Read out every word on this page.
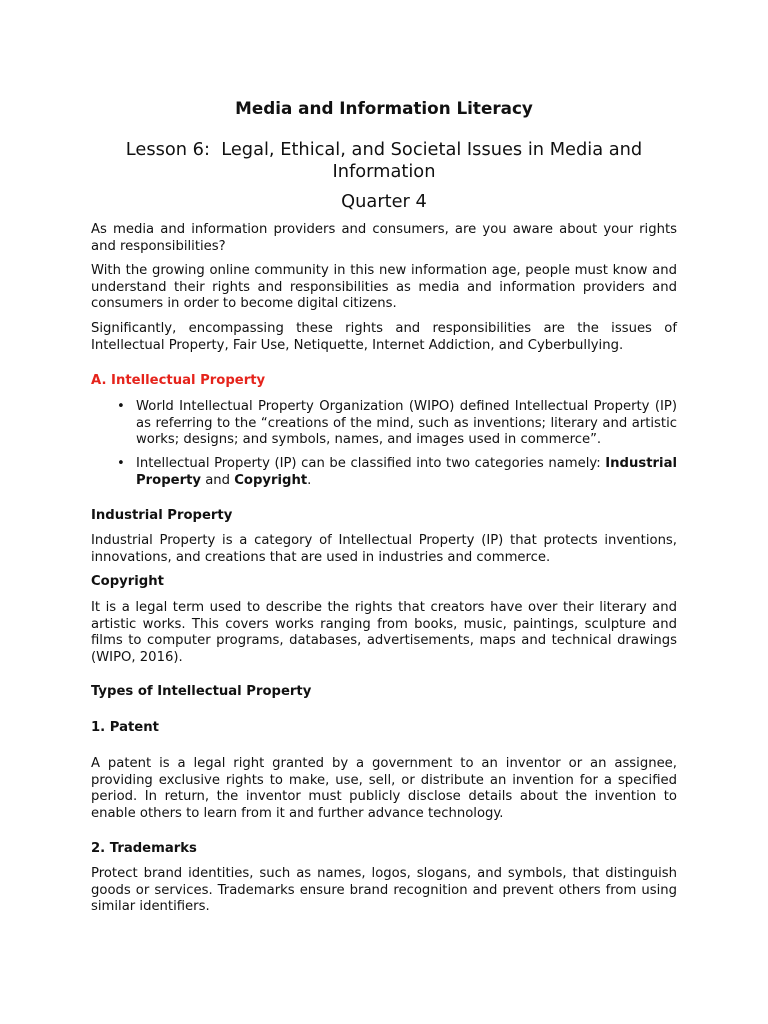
Media and Information Literacy
Lesson 6:  Legal, Ethical, and Societal Issues in Media and Information
Quarter 4

As media and information providers and consumers, are you aware about your rights and responsibilities?

With the growing online community in this new information age, people must know and understand their rights and responsibilities as media and information providers and consumers in order to become digital citizens.

Significantly, encompassing these rights and responsibilities are the issues of Intellectual Property, Fair Use, Netiquette, Internet Addiction, and Cyberbullying.

A. Intellectual Property
• World Intellectual Property Organization (WIPO) defined Intellectual Property (IP) as referring to the “creations of the mind, such as inventions; literary and artistic works; designs; and symbols, names, and images used in commerce”.
• Intellectual Property (IP) can be classified into two categories namely: Industrial Property and Copyright.
Industrial Property

Industrial Property is a category of Intellectual Property (IP) that protects inventions, innovations, and creations that are used in industries and commerce.

Copyright

It is a legal term used to describe the rights that creators have over their literary and artistic works. This covers works ranging from books, music, paintings, sculpture and films to computer programs, databases, advertisements, maps and technical drawings (WIPO, 2016).

Types of Intellectual Property
1. Patent

A patent is a legal right granted by a government to an inventor or an assignee, providing exclusive rights to make, use, sell, or distribute an invention for a specified period. In return, the inventor must publicly disclose details about the invention to enable others to learn from it and further advance technology.

2. Trademarks

Protect brand identities, such as names, logos, slogans, and symbols, that distinguish goods or services. Trademarks ensure brand recognition and prevent others from using similar identifiers.
